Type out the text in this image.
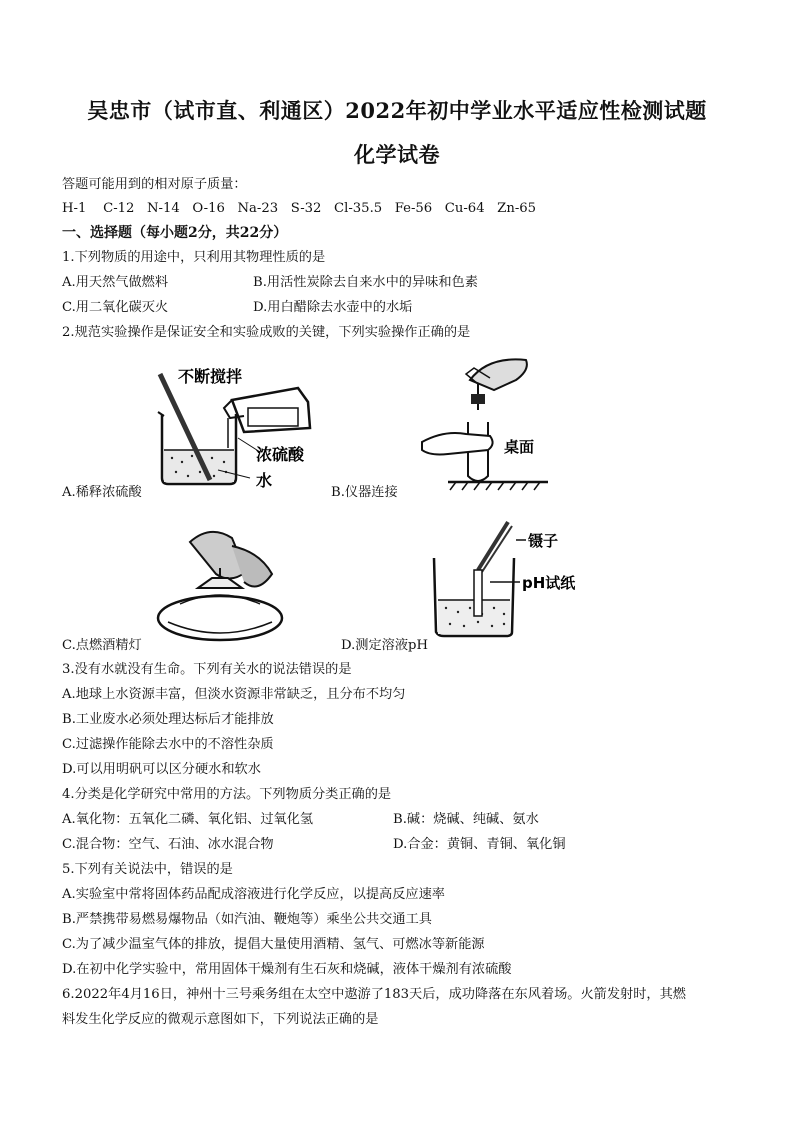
吴忠市（试市直、利通区）2022年初中学业水平适应性检测试题
化学试卷
答题可能用到的相对原子质量：
H-1    C-12   N-14   O-16   Na-23   S-32   Cl-35.5   Fe-56   Cu-64   Zn-65
一、选择题（每小题2分，共22分）
1.下列物质的用途中，只利用其物理性质的是
A.用天然气做燃料	B.用活性炭除去自来水中的异味和色素
C.用二氧化碳灭火	D.用白醋除去水壶中的水垢
2.规范实验操作是保证安全和实验成败的关键，下列实验操作正确的是
不断搅拌
浓硫酸
水
桌面
A.稀释浓硫酸	B.仪器连接
镊子
pH试纸
C.点燃酒精灯	D.测定溶液pH
3.没有水就没有生命。下列有关水的说法错误的是
A.地球上水资源丰富，但淡水资源非常缺乏，且分布不均匀
B.工业废水必须处理达标后才能排放
C.过滤操作能除去水中的不溶性杂质
D.可以用明矾可以区分硬水和软水
4.分类是化学研究中常用的方法。下列物质分类正确的是
A.氧化物：五氧化二磷、氧化铝、过氧化氢	B.碱：烧碱、纯碱、氨水
C.混合物：空气、石油、冰水混合物	D.合金：黄铜、青铜、氧化铜
5.下列有关说法中，错误的是
A.实验室中常将固体药品配成溶液进行化学反应，以提高反应速率
B.严禁携带易燃易爆物品（如汽油、鞭炮等）乘坐公共交通工具
C.为了减少温室气体的排放，提倡大量使用酒精、氢气、可燃冰等新能源
D.在初中化学实验中，常用固体干燥剂有生石灰和烧碱，液体干燥剂有浓硫酸
6.2022年4月16日，神州十三号乘务组在太空中遨游了183天后，成功降落在东风着场。火箭发射时，其燃
料发生化学反应的微观示意图如下，下列说法正确的是
